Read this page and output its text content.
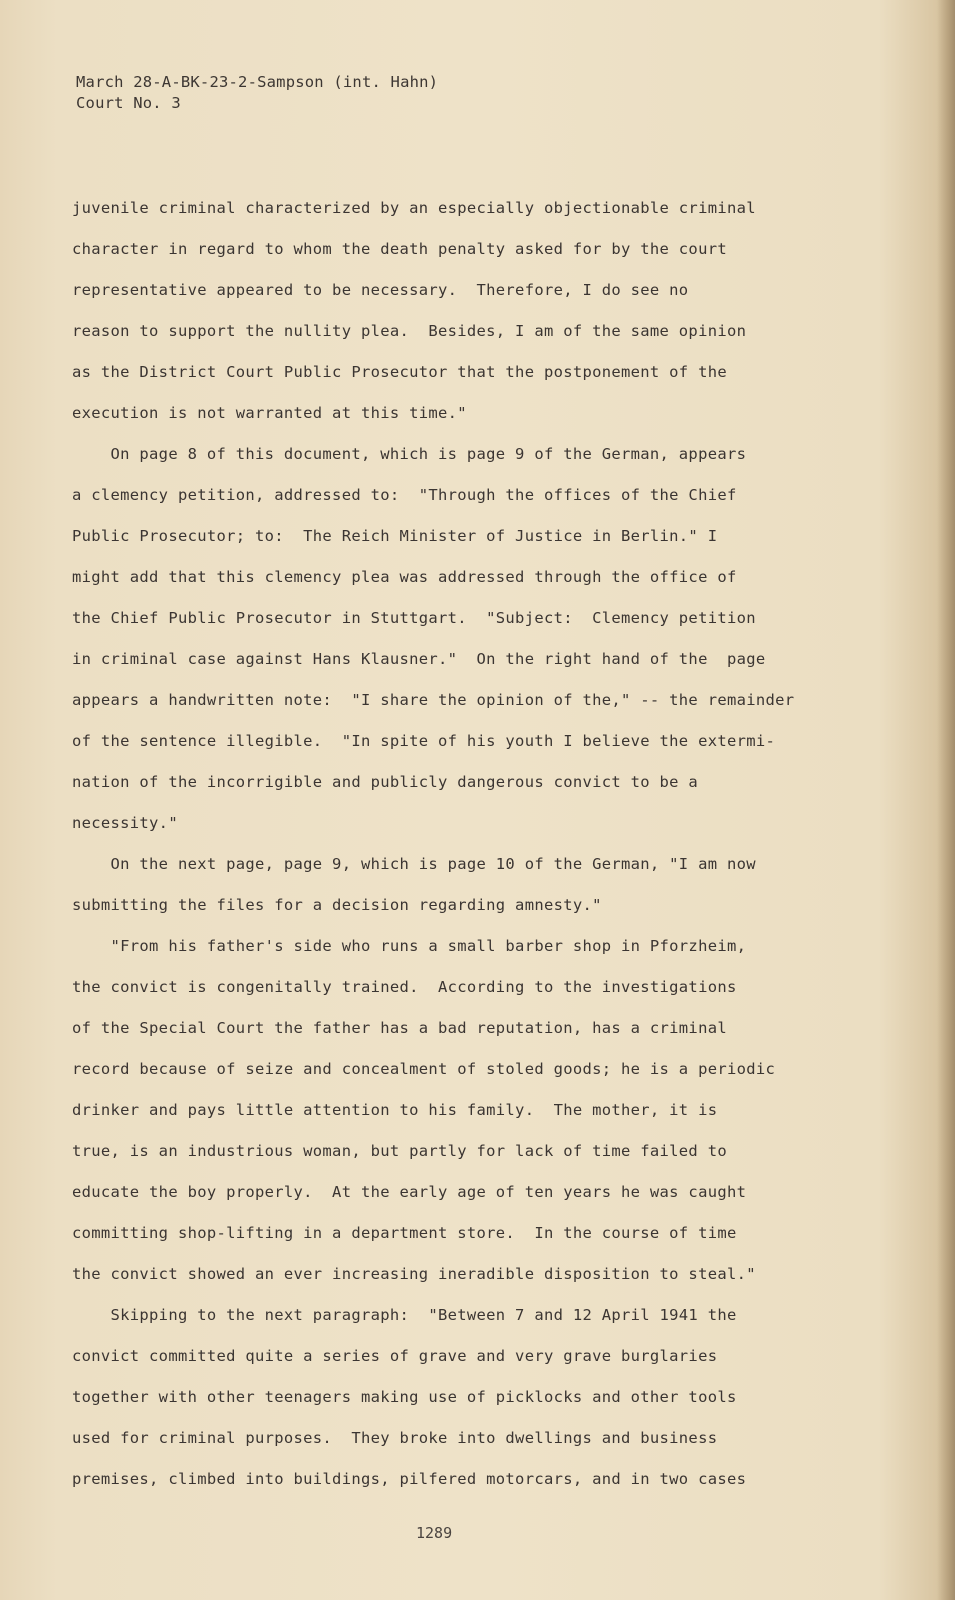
March 28-A-BK-23-2-Sampson (int. Hahn)
Court No. 3
juvenile criminal characterized by an especially objectionable criminal
character in regard to whom the death penalty asked for by the court
representative appeared to be necessary.  Therefore, I do see no
reason to support the nullity plea.  Besides, I am of the same opinion
as the District Court Public Prosecutor that the postponement of the
execution is not warranted at this time."
On page 8 of this document, which is page 9 of the German, appears
a clemency petition, addressed to:  "Through the offices of the Chief
Public Prosecutor; to:  The Reich Minister of Justice in Berlin." I
might add that this clemency plea was addressed through the office of
the Chief Public Prosecutor in Stuttgart.  "Subject:  Clemency petition
in criminal case against Hans Klausner."  On the right hand of the  page
appears a handwritten note:  "I share the opinion of the," -- the remainder
of the sentence illegible.  "In spite of his youth I believe the extermi-
nation of the incorrigible and publicly dangerous convict to be a
necessity."
On the next page, page 9, which is page 10 of the German, "I am now
submitting the files for a decision regarding amnesty."
"From his father's side who runs a small barber shop in Pforzheim,
the convict is congenitally trained.  According to the investigations
of the Special Court the father has a bad reputation, has a criminal
record because of seize and concealment of stoled goods; he is a periodic
drinker and pays little attention to his family.  The mother, it is
true, is an industrious woman, but partly for lack of time failed to
educate the boy properly.  At the early age of ten years he was caught
committing shop-lifting in a department store.  In the course of time
the convict showed an ever increasing ineradible disposition to steal."
Skipping to the next paragraph:  "Between 7 and 12 April 1941 the
convict committed quite a series of grave and very grave burglaries
together with other teenagers making use of picklocks and other tools
used for criminal purposes.  They broke into dwellings and business
premises, climbed into buildings, pilfered motorcars, and in two cases
1289
